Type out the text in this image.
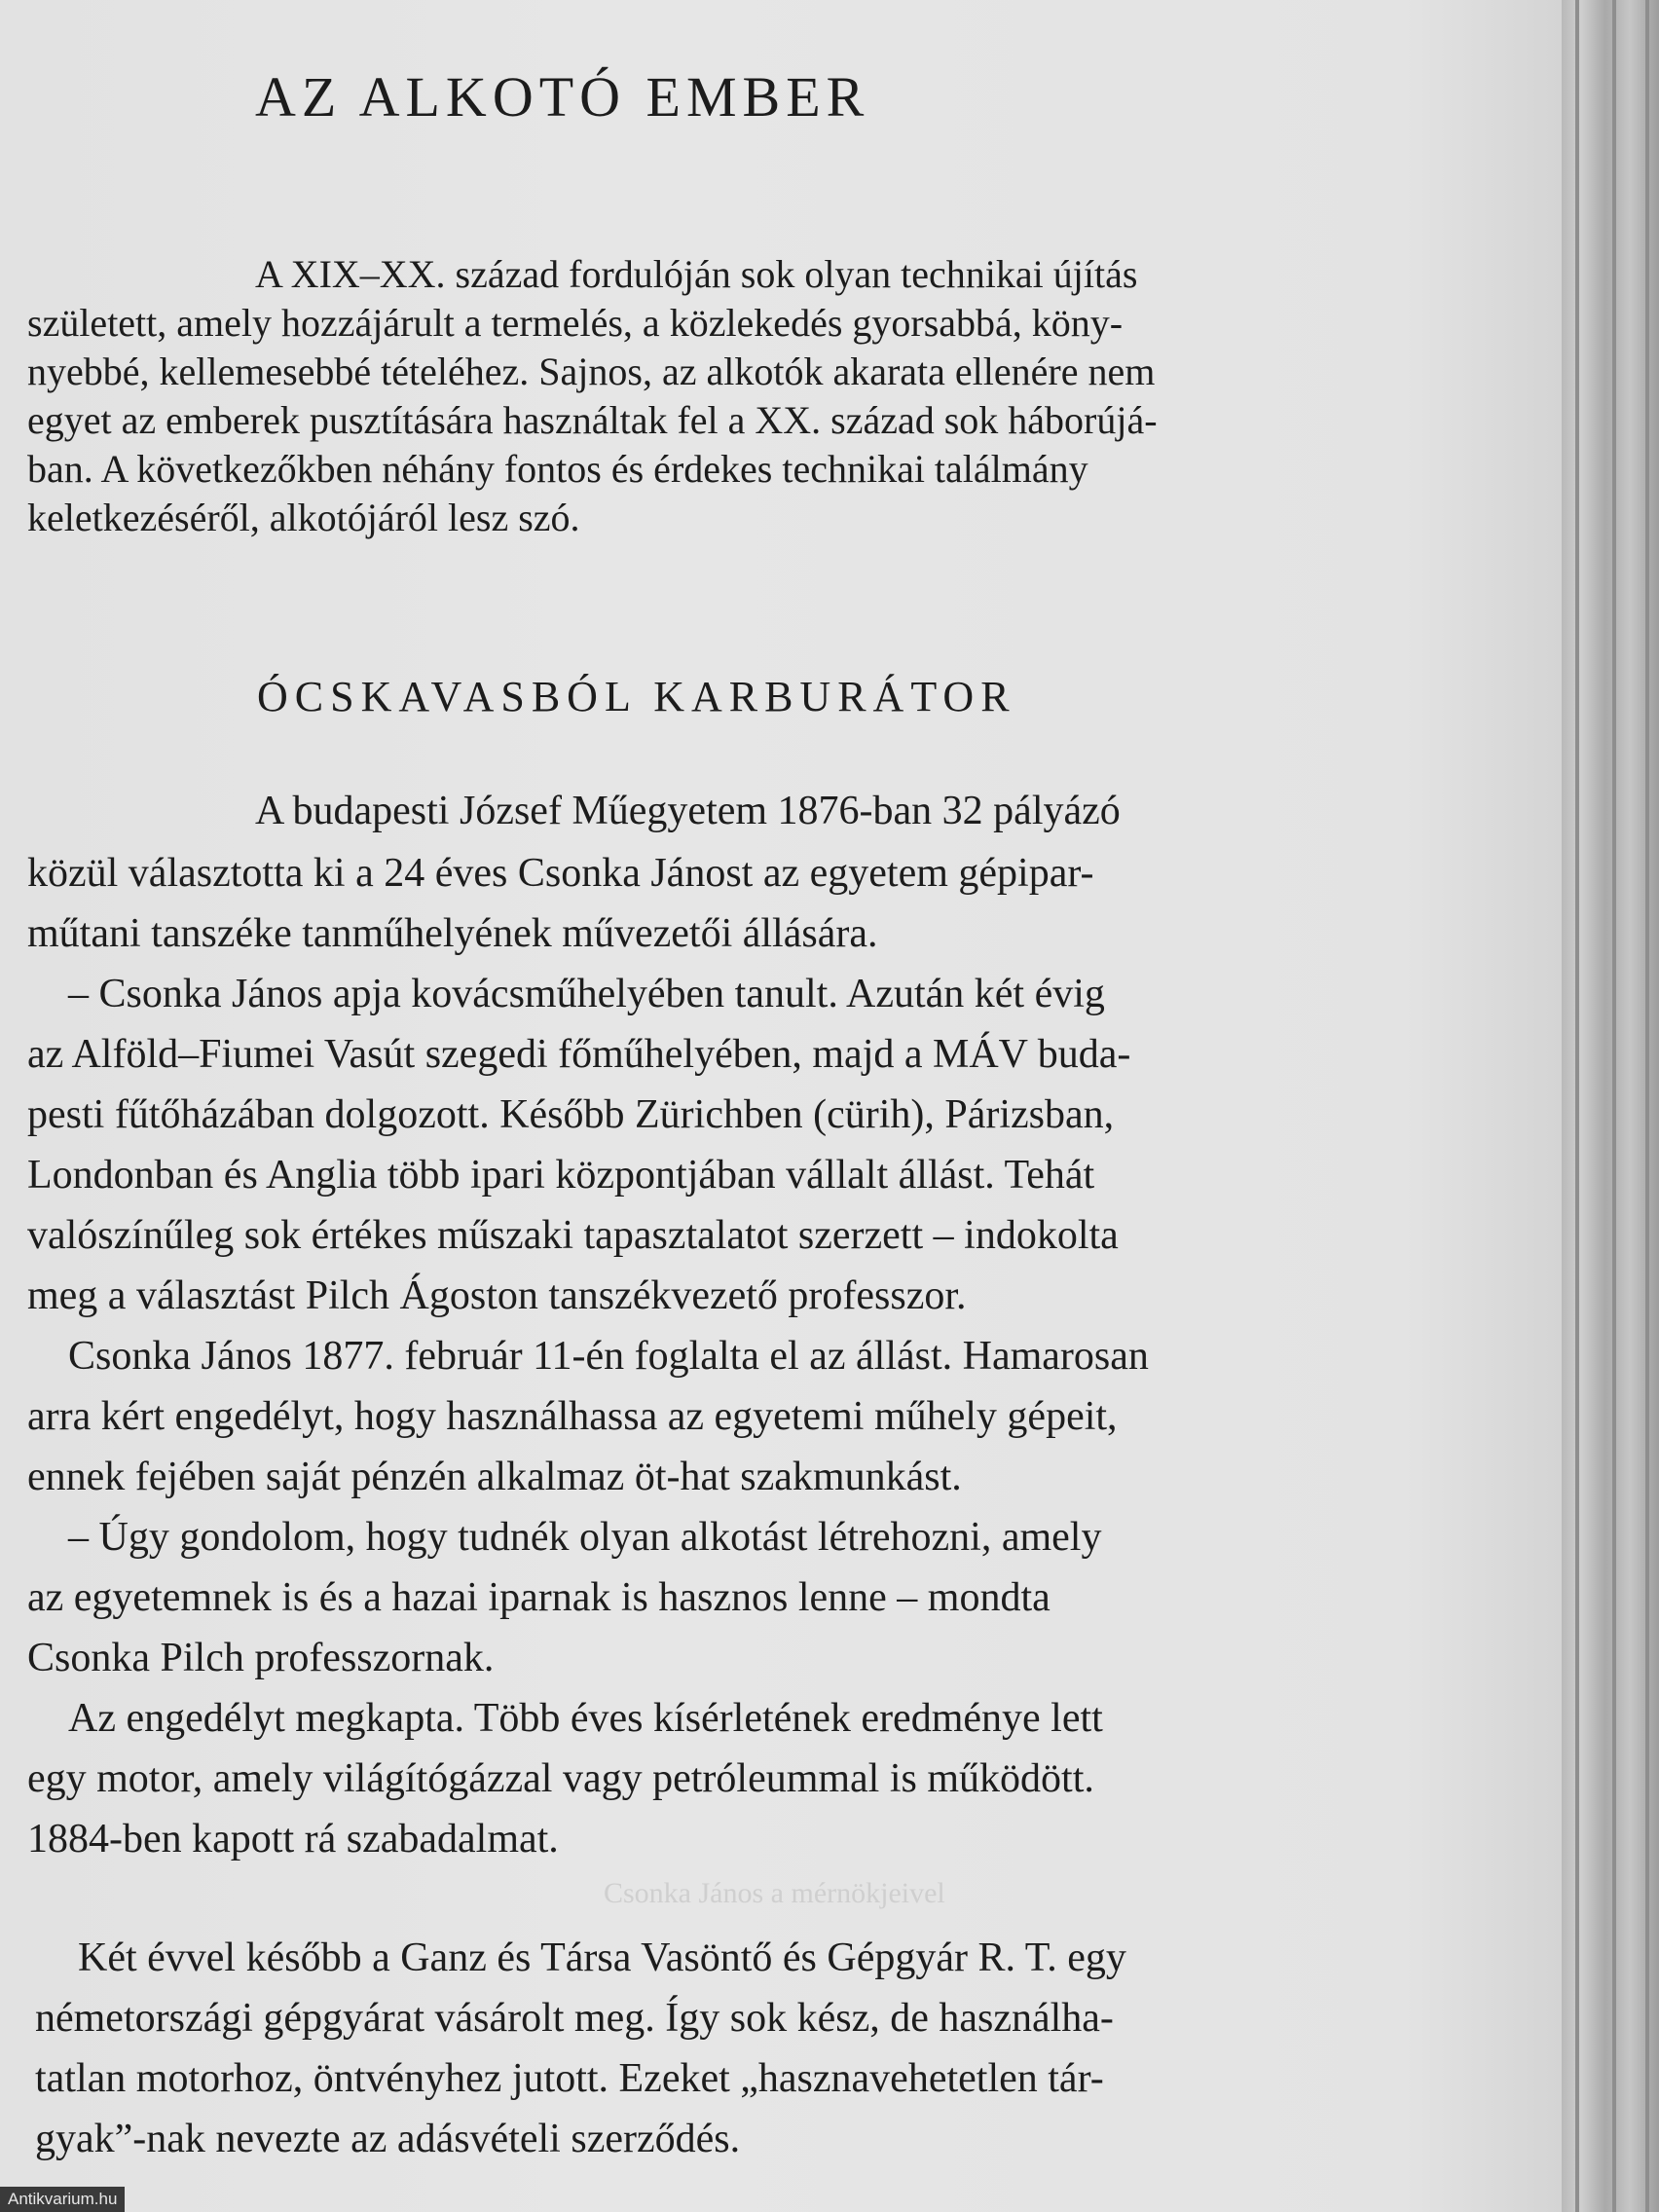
AZ ALKOTÓ EMBER

A XIX–XX. század fordulóján sok olyan technikai újítás

született, amely hozzájárult a termelés, a közlekedés gyorsabbá, köny-

nyebbé, kellemesebbé tételéhez. Sajnos, az alkotók akarata ellenére nem

egyet az emberek pusztítására használtak fel a XX. század sok háborújá-

ban. A következőkben néhány fontos és érdekes technikai találmány

keletkezéséről, alkotójáról lesz szó.

ÓCSKAVASBÓL KARBURÁTOR

A budapesti József Műegyetem 1876-ban 32 pályázó

közül választotta ki a 24 éves Csonka Jánost az egyetem gépipar-

műtani tanszéke tanműhelyének művezetői állására.

– Csonka János apja kovácsműhelyében tanult. Azután két évig

az Alföld–Fiumei Vasút szegedi főműhelyében, majd a MÁV buda-

pesti fűtőházában dolgozott. Később Zürichben (cürih), Párizsban,

Londonban és Anglia több ipari központjában vállalt állást. Tehát

valószínűleg sok értékes műszaki tapasztalatot szerzett – indokolta

meg a választást Pilch Ágoston tanszékvezető professzor.

Csonka János 1877. február 11-én foglalta el az állást. Hamarosan

arra kért engedélyt, hogy használhassa az egyetemi műhely gépeit,

ennek fejében saját pénzén alkalmaz öt-hat szakmunkást.

– Úgy gondolom, hogy tudnék olyan alkotást létrehozni, amely

az egyetemnek is és a hazai iparnak is hasznos lenne – mondta

Csonka Pilch professzornak.

Az engedélyt megkapta. Több éves kísérletének eredménye lett

egy motor, amely világítógázzal vagy petróleummal is működött.

1884-ben kapott rá szabadalmat.

Csonka János a mérnökjeivel

Két évvel később a Ganz és Társa Vasöntő és Gépgyár R. T. egy

németországi gépgyárat vásárolt meg. Így sok kész, de használha-

tatlan motorhoz, öntvényhez jutott. Ezeket „hasznavehetetlen tár-

gyak”-nak nevezte az adásvételi szerződés.

Antikvarium.hu
